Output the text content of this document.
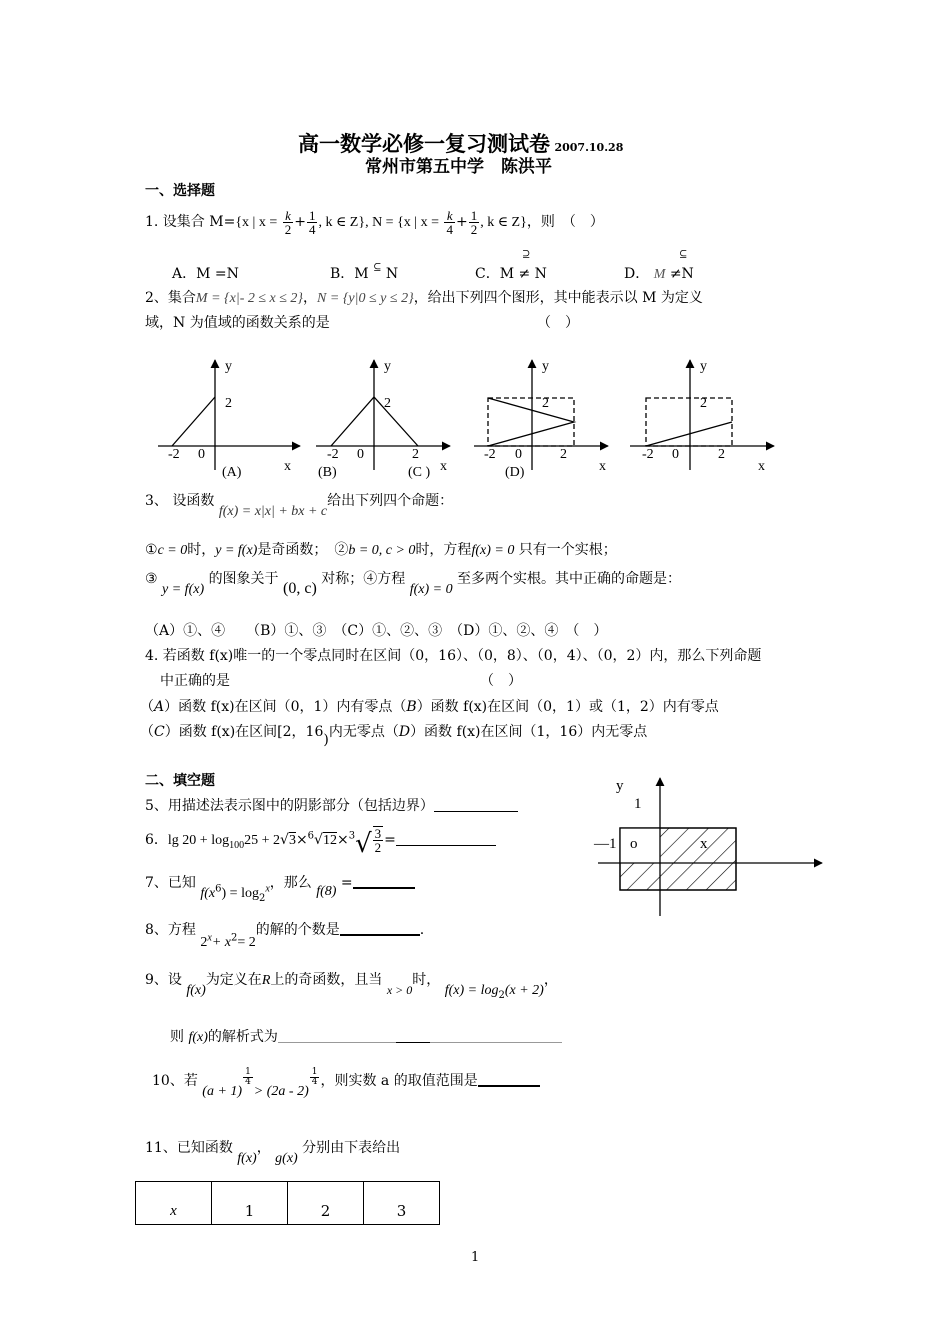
高一数学必修一复习测试卷 2007.10.28
常州市第五中学　陈洪平
一、选择题
1. 设集合 M={x | $x = \frac{k}{2} + \frac{1}{4}$ , k ∈ Z}, N = {x | $x = \frac{k}{4} + \frac{1}{2}$ , k ∈ Z}，则　（　）
A．M =N	B．M ⊆ N	C．M ≠ N
⊇
D． M ≠N
⊆
2、集合M = {x|- 2 ≤ x ≤ 2}，N = {y|0 ≤ y ≤ 2}，给出下列四个图形，其中能表示以 M 为定义
域，N 为值域的函数关系的是	（　）
y
2
-2 0
(A)	x
y
2
-2 0	2
(B)	(C ) x
y
2
-2 0	2
(D)	x
y
2
-2 0	2
x
3、 设函数 f(x) = x|x| + bx + c给出下列四个命题：
①c = 0时，y = f(x)是奇函数；　②b = 0, c > 0时，方程f(x) = 0 只有一个实根；
③ y = f(x) 的图象关于 (0, c) 对称；④方程 f(x) = 0 至多两个实根。其中正确的命题是：
（A）①、④　　（B）①、③　（C）①、②、③　（D）①、②、④　（　）
4. 若函数 f(x)唯一的一个零点同时在区间（0，16）、（0，8）、（0，4）、（0，2）内，那么下列命题
中正确的是	（　）
（A）函数 f(x)在区间（0，1）内有零点（B）函数 f(x)在区间（0，1）或（1，2）内有零点
（C）函数 f(x)在区间[2，16)内无零点（D）函数 f(x)在区间（1，16）内无零点
二、填空题
5、用描述法表示图中的阴影部分（包括边界）
y
1
—1 o	x
6．$\lg 20 + \log_{100}25 + 2√3\times^6√12\times^3√ \frac{3}{2}$ =
7、已知 $f(x^6) = \log_2^x$，那么 f(8) =
8、方程 $2^x+ x^2= 2$的解的个数是	.
9、设 f(x)为定义在R上的奇函数，且当 x > 0时， $f(x) = \log_2(x + 2)$，
则 f(x)的解析式为
10、若 (a + 1)
$\frac{1}{4}$
> (2a - 2)
$\frac{1}{4}$ ，则实数 a 的取值范围是
11、已知函数 f(x)， g(x) 分别由下表给出
x	1	2	3
1
